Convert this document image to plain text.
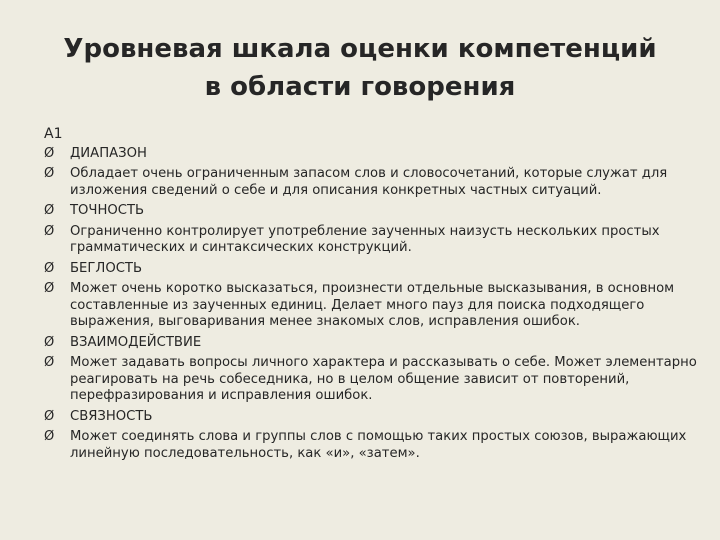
Уровневая шкала оценки компетенций
в области говорения
А1
Ø	ДИАПАЗОН
Ø	Обладает очень ограниченным запасом слов и словосочетаний, которые служат для изложения сведений о себе и для описания конкретных частных ситуаций.
Ø	ТОЧНОСТЬ
Ø	Ограниченно контролирует употребление заученных наизусть нескольких простых грамматических и синтаксических конструкций.
Ø	БЕГЛОСТЬ
Ø	Может очень коротко высказаться, произнести отдельные высказывания, в основном составленные из заученных единиц. Делает много пауз для поиска подходящего выражения, выговаривания менее знакомых слов, исправления ошибок.
Ø	ВЗАИМОДЕЙСТВИЕ
Ø	Может задавать вопросы личного характера и рассказывать о себе. Может элементарно реагировать на речь собеседника, но в целом общение зависит от повторений, перефразирования и исправления ошибок.
Ø	СВЯЗНОСТЬ
Ø	Может соединять слова и группы слов с помощью таких простых союзов, выражающих линейную последовательность, как «и», «затем».
